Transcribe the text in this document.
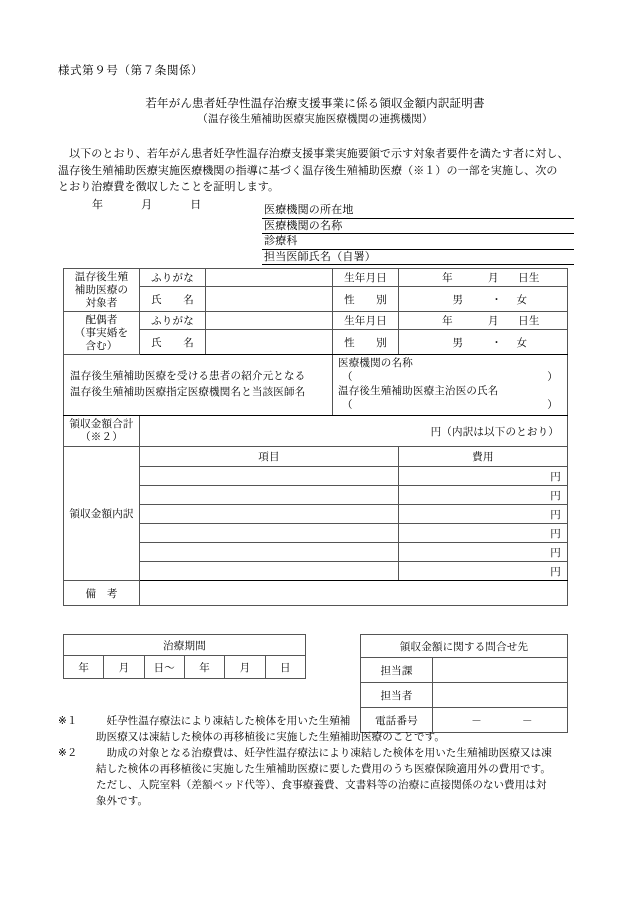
様式第９号（第７条関係）
若年がん患者妊孕性温存治療支援事業に係る領収金額内訳証明書
（温存後生殖補助医療実施医療機関の連携機関）
　以下のとおり、若年がん患者妊孕性温存治療支援事業実施要領で示す対象者要件を満たす者に対し、
温存後生殖補助医療実施医療機関の指導に基づく温存後生殖補助医療（※１）の一部を実施し、次の
とおり治療費を徴収したことを証明します。
年	月	日	医療機関の所在地
医療機関の名称
診療科
担当医師氏名（自署）
温存後生殖
補助医療の
対象者	ふりがな		生年月日	年 月 日生
	氏　　名		性　　別	男 ・ 女

配偶者
（事実婚を
含む）	ふりがな		生年月日	年 月 日生
	氏　　名		性　　別	男 ・ 女

温存後生殖補助医療を受ける患者の紹介元となる
温存後生殖補助医療指定医療機関名と当該医師名

医療機関の名称
（	）
温存後生殖補助医療主治医の氏名
（	）

領収金額合計
（※２）	円（内訳は以下のとおり）			
領収金額内訳	項目			費用
				円
				円
				円
				円
				円
				円
備　考				
治療期間
年	月	日～	年	月	日
領収金額に関する問合せ先	
担当課	
担当者	
電話番号	－ －
※１	　妊孕性温存療法により凍結した検体を用いた生殖補
助医療又は凍結した検体の再移植後に実施した生殖補助医療のことです。
※２	　助成の対象となる治療費は、妊孕性温存療法により凍結した検体を用いた生殖補助医療又は凍
結した検体の再移植後に実施した生殖補助医療に要した費用のうち医療保険適用外の費用です。
ただし、入院室料（差額ベッド代等）、食事療養費、文書料等の治療に直接関係のない費用は対
象外です。
